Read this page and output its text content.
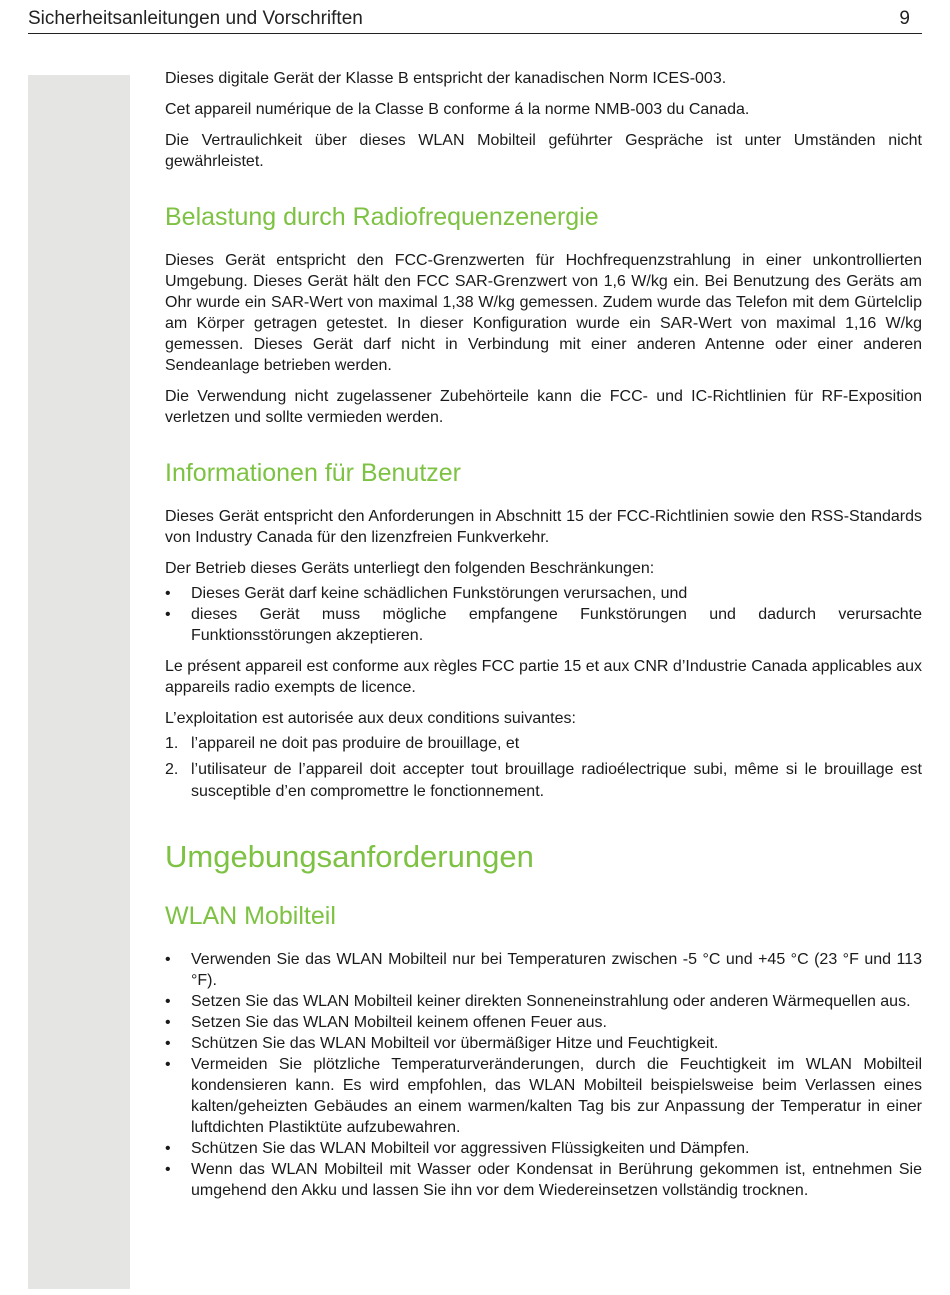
Sicherheitsanleitungen und Vorschriften	9

Dieses digitale Gerät der Klasse B entspricht der kanadischen Norm ICES-003.

Cet appareil numérique de la Classe B conforme á la norme NMB-003 du Canada.

Die Vertraulichkeit über dieses WLAN Mobilteil geführter Gespräche ist unter Umständen nicht gewährleistet.

Belastung durch Radiofrequenzenergie

Dieses Gerät entspricht den FCC-Grenzwerten für Hochfrequenzstrahlung in einer unkontrollierten Umgebung. Dieses Gerät hält den FCC SAR-Grenzwert von 1,6 W/kg ein. Bei Benutzung des Geräts am Ohr wurde ein SAR-Wert von maximal 1,38 W/kg gemessen. Zudem wurde das Telefon mit dem Gürtelclip am Körper getragen getestet. In dieser Konfiguration wurde ein SAR-Wert von maximal 1,16 W/kg gemessen. Dieses Gerät darf nicht in Verbindung mit einer anderen Antenne oder einer anderen Sendeanlage betrieben werden.

Die Verwendung nicht zugelassener Zubehörteile kann die FCC- und IC-Richtlinien für RF-Exposition verletzen und sollte vermieden werden.

Informationen für Benutzer

Dieses Gerät entspricht den Anforderungen in Abschnitt 15 der FCC-Richtlinien sowie den RSS-Standards von Industry Canada für den lizenzfreien Funkverkehr.

Der Betrieb dieses Geräts unterliegt den folgenden Beschränkungen:

• Dieses Gerät darf keine schädlichen Funkstörungen verursachen, und
• dieses Gerät muss mögliche empfangene Funkstörungen und dadurch verursachte Funktionsstörungen akzeptieren.

Le présent appareil est conforme aux règles FCC partie 15 et aux CNR d’Industrie Canada applicables aux appareils radio exempts de licence.

L’exploitation est autorisée aux deux conditions suivantes:

1. l’appareil ne doit pas produire de brouillage, et
2. l’utilisateur de l’appareil doit accepter tout brouillage radioélectrique subi, même si le brouillage est susceptible d’en compromettre le fonctionnement.
Umgebungsanforderungen
WLAN Mobilteil
• Verwenden Sie das WLAN Mobilteil nur bei Temperaturen zwischen -5 °C und +45 °C (23 °F und 113 °F).
• Setzen Sie das WLAN Mobilteil keiner direkten Sonneneinstrahlung oder anderen Wärmequellen aus.
• Setzen Sie das WLAN Mobilteil keinem offenen Feuer aus.
• Schützen Sie das WLAN Mobilteil vor übermäßiger Hitze und Feuchtigkeit.
• Vermeiden Sie plötzliche Temperaturveränderungen, durch die Feuchtigkeit im WLAN Mobilteil kondensieren kann. Es wird empfohlen, das WLAN Mobilteil beispielsweise beim Verlassen eines kalten/geheizten Gebäudes an einem warmen/kalten Tag bis zur Anpassung der Temperatur in einer luftdichten Plastiktüte aufzubewahren.
• Schützen Sie das WLAN Mobilteil vor aggressiven Flüssigkeiten und Dämpfen.
• Wenn das WLAN Mobilteil mit Wasser oder Kondensat in Berührung gekommen ist, entnehmen Sie umgehend den Akku und lassen Sie ihn vor dem Wiedereinsetzen vollständig trocknen.
